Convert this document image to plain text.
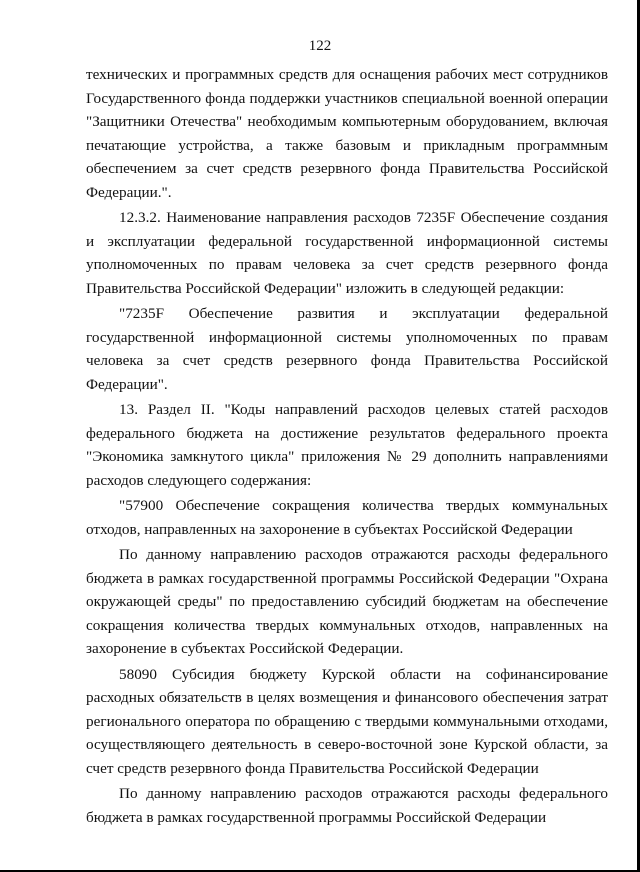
122

технических и программных средств для оснащения рабочих мест сотрудников Государственного фонда поддержки участников специальной военной операции "Защитники Отечества" необходимым компьютерным оборудованием, включая печатающие устройства, а также базовым и прикладным программным обеспечением за счет средств резервного фонда Правительства Российской Федерации.".

12.3.2. Наименование направления расходов 7235F Обеспечение создания и эксплуатации федеральной государственной информационной системы уполномоченных по правам человека за счет средств резервного фонда Правительства Российской Федерации" изложить в следующей редакции:

"7235F Обеспечение развития и эксплуатации федеральной государственной информационной системы уполномоченных по правам человека за счет средств резервного фонда Правительства Российской Федерации".

13. Раздел II. "Коды направлений расходов целевых статей расходов федерального бюджета на достижение результатов федерального проекта "Экономика замкнутого цикла" приложения № 29 дополнить направлениями расходов следующего содержания:

"57900 Обеспечение сокращения количества твердых коммунальных отходов, направленных на захоронение в субъектах Российской Федерации

По данному направлению расходов отражаются расходы федерального бюджета в рамках государственной программы Российской Федерации "Охрана окружающей среды" по предоставлению субсидий бюджетам на обеспечение сокращения количества твердых коммунальных отходов, направленных на захоронение в субъектах Российской Федерации.

58090 Субсидия бюджету Курской области на софинансирование расходных обязательств в целях возмещения и финансового обеспечения затрат регионального оператора по обращению с твердыми коммунальными отходами, осуществляющего деятельность в северо-восточной зоне Курской области, за счет средств резервного фонда Правительства Российской Федерации

По данному направлению расходов отражаются расходы федерального бюджета в рамках государственной программы Российской Федерации
